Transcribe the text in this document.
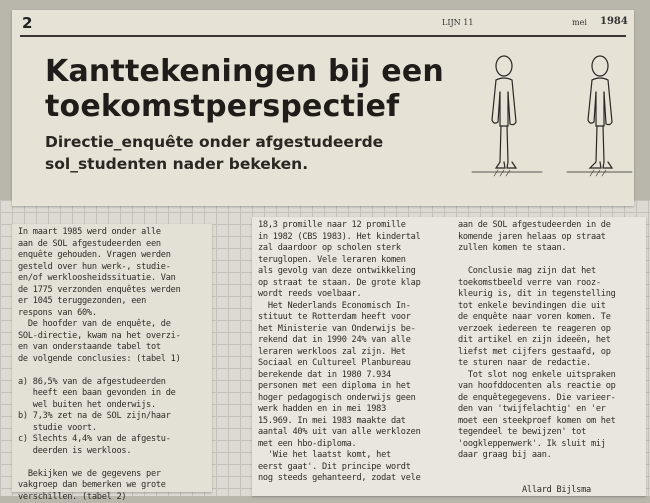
2	LIJN 11	mei 1984
Kanttekeningen bij een
toekomstperspectief
Directie_enquête onder afgestudeerde
sol_studenten nader bekeken.
In maart 1985 werd onder alle
aan de SOL afgestudeerden een
enquête gehouden. Vragen werden
gesteld over hun werk-, studie-
en/of werkloosheidssituatie. Van
de 1775 verzonden enquêtes werden
er 1045 teruggezonden, een
respons van 60%.
De hoofder van de enquête, de
SOL-directie, kwam na het overzi-
en van onderstaande tabel tot
de volgende conclusies: (tabel 1)
a) 86,5% van de afgestudeerden
heeft een baan gevonden in de
wel buiten het onderwijs.
b) 7,3% zet na de SOL zijn/haar
studie voort.
c) Slechts 4,4% van de afgestu-
deerden is werkloos.
Bekijken we de gegevens per
vakgroep dan bemerken we grote
verschillen. (tabel 2)
18,3 promille naar 12 promille
in 1982 (CBS 1983). Het kindertal
zal daardoor op scholen sterk
teruglopen. Vele leraren komen
als gevolg van deze ontwikkeling
op straat te staan. De grote klap
wordt reeds voelbaar.
Het Nederlands Economisch In-
stituut te Rotterdam heeft voor
het Ministerie van Onderwijs be-
rekend dat in 1990 24% van alle
leraren werkloos zal zijn. Het
Sociaal en Cultureel Planbureau
berekende dat in 1980 7.934
personen met een diploma in het
hoger pedagogisch onderwijs geen
werk hadden en in mei 1983
15.969. In mei 1983 maakte dat
aantal 40% uit van alle werklozen
met een hbo-diploma.
'Wie het laatst komt, het
eerst gaat'. Dit principe wordt
nog steeds gehanteerd, zodat vele
aan de SOL afgestudeerden in de
komende jaren helaas op straat
zullen komen te staan.
Conclusie mag zijn dat het
toekomstbeeld verre van rooz-
kleurig is, dit in tegenstelling
tot enkele bevindingen die uit
de enquête naar voren komen. Te
verzoek iedereen te reageren op
dit artikel en zijn ideeën, het
liefst met cijfers gestaafd, op
te sturen naar de redactie.
Tot slot nog enkele uitspraken
van hoofddocenten als reactie op
de enquêtegegevens. Die varieer-
den van 'twijfelachtig' en 'er
moet een steekproef komen om het
tegendeel te bewijzen' tot
'oogkleppenwerk'. Ik sluit mij
daar graag bij aan.
Allard Bijlsma
